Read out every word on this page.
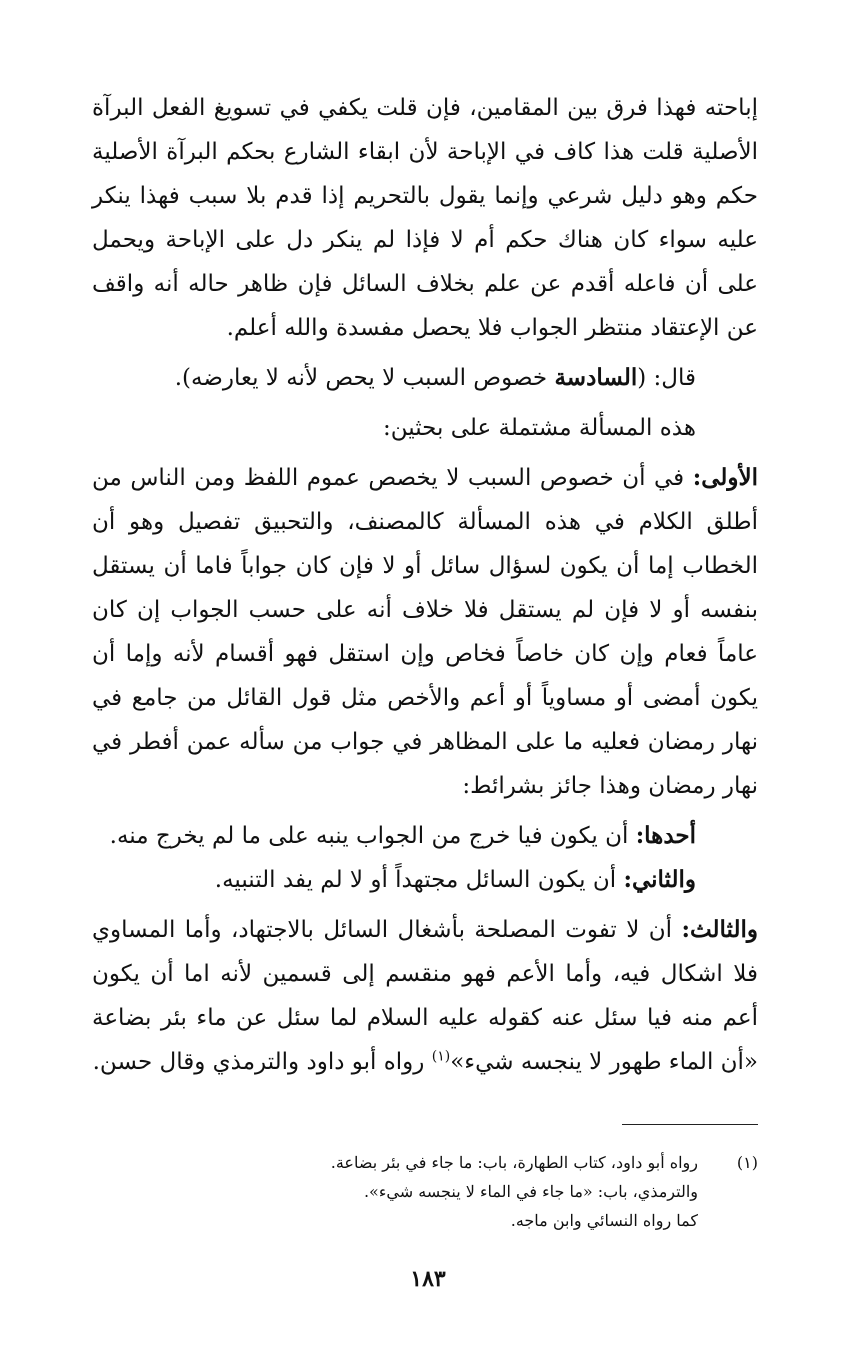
إباحته فهذا فرق بين المقامين، فإن قلت يكفي في تسويغ الفعل البرآة الأصلية قلت هذا كاف في الإباحة لأن ابقاء الشارع بحكم البرآة الأصلية حكم وهو دليل شرعي وإنما يقول بالتحريم إذا قدم بلا سبب فهذا ينكر عليه سواء كان هناك حكم أم لا فإذا لم ينكر دل على الإباحة ويحمل على أن فاعله أقدم عن علم بخلاف السائل فإن ظاهر حاله أنه واقف عن الإعتقاد منتظر الجواب فلا يحصل مفسدة والله أعلم.

قال: (السادسة خصوص السبب لا يحص لأنه لا يعارضه).

هذه المسألة مشتملة على بحثين:

الأولى: في أن خصوص السبب لا يخصص عموم اللفظ ومن الناس من أطلق الكلام في هذه المسألة كالمصنف، والتحبيق تفصيل وهو أن الخطاب إما أن يكون لسؤال سائل أو لا فإن كان جواباً فاما أن يستقل بنفسه أو لا فإن لم يستقل فلا خلاف أنه على حسب الجواب إن كان عاماً فعام وإن كان خاصاً فخاص وإن استقل فهو أقسام لأنه وإما أن يكون أمضى أو مساوياً أو أعم والأخص مثل قول القائل من جامع في نهار رمضان فعليه ما على المظاهر في جواب من سأله عمن أفطر في نهار رمضان وهذا جائز بشرائط:

أحدها: أن يكون فيا خرج من الجواب ينبه على ما لم يخرج منه.

والثاني: أن يكون السائل مجتهداً أو لا لم يفد التنبيه.

والثالث: أن لا تفوت المصلحة بأشغال السائل بالاجتهاد، وأما المساوي فلا اشكال فيه، وأما الأعم فهو منقسم إلى قسمين لأنه اما أن يكون أعم منه فيا سئل عنه كقوله عليه السلام لما سئل عن ماء بئر بضاعة «أن الماء طهور لا ينجسه شيء»$^{(١)}$ رواه أبو داود والترمذي وقال حسن.

(١)رواه أبو داود، كتاب الطهارة، باب: ما جاء في بئر بضاعة.

والترمذي، باب: «ما جاء في الماء لا ينجسه شيء».

كما رواه النسائي وابن ماجه.

١٨٣
